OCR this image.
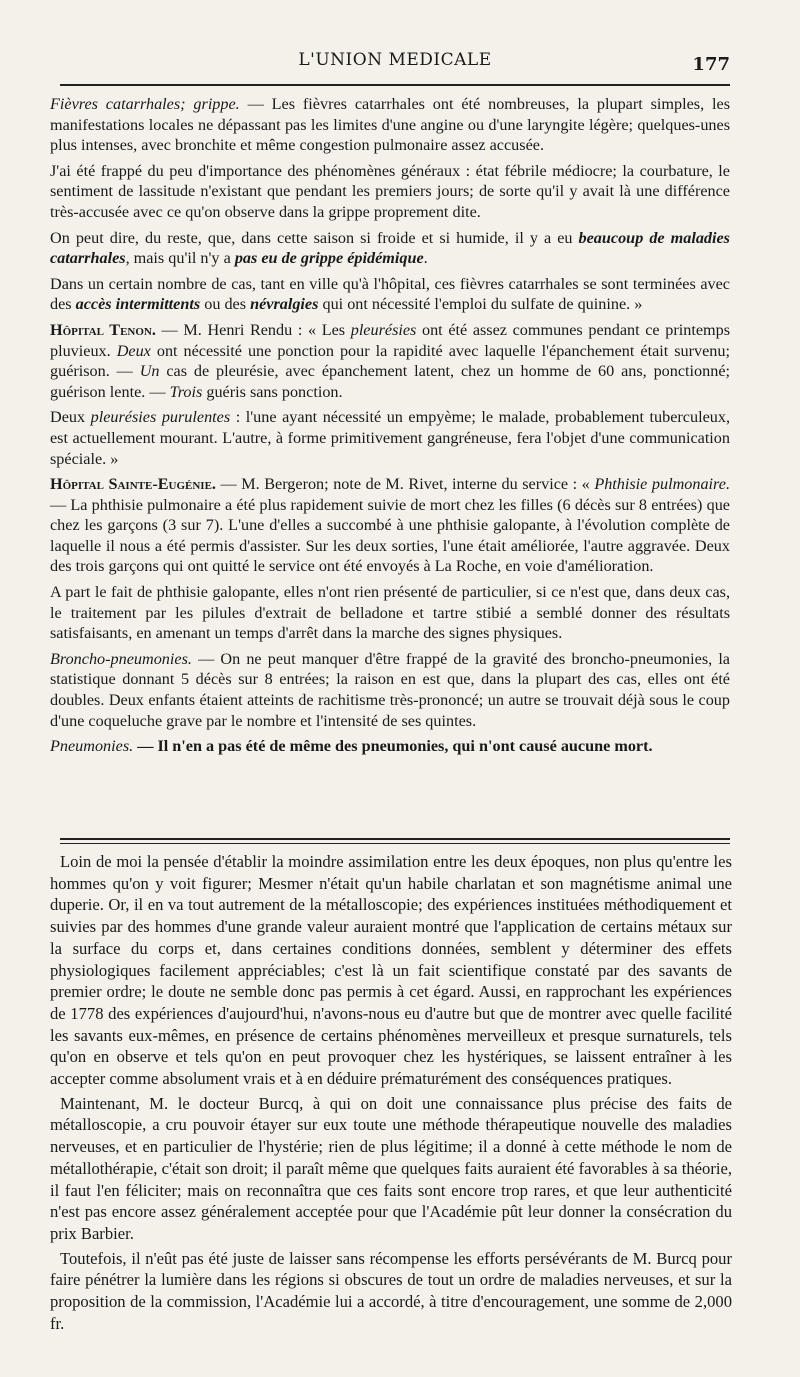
L'UNION MEDICALE	177

Fièvres catarrhales; grippe. — Les fièvres catarrhales ont été nombreuses, la plupart simples, les manifestations locales ne dépassant pas les limites d'une angine ou d'une laryngite légère; quelques-unes plus intenses, avec bronchite et même congestion pulmonaire assez accusée.

J'ai été frappé du peu d'importance des phénomènes généraux : état fébrile médiocre; la courbature, le sentiment de lassitude n'existant que pendant les premiers jours; de sorte qu'il y avait là une différence très-accusée avec ce qu'on observe dans la grippe proprement dite.

On peut dire, du reste, que, dans cette saison si froide et si humide, il y a eu beaucoup de maladies catarrhales, mais qu'il n'y a pas eu de grippe épidémique.

Dans un certain nombre de cas, tant en ville qu'à l'hôpital, ces fièvres catarrhales se sont terminées avec des accès intermittents ou des névralgies qui ont nécessité l'emploi du sulfate de quinine. »

Hôpital Tenon. — M. Henri Rendu : « Les pleurésies ont été assez communes pendant ce printemps pluvieux. Deux ont nécessité une ponction pour la rapidité avec laquelle l'épanchement était survenu; guérison. — Un cas de pleurésie, avec épanchement latent, chez un homme de 60 ans, ponctionné; guérison lente. — Trois guéris sans ponction.

Deux pleurésies purulentes : l'une ayant nécessité un empyème; le malade, probablement tuberculeux, est actuellement mourant. L'autre, à forme primitivement gangréneuse, fera l'objet d'une communication spéciale. »

Hôpital Sainte-Eugénie. — M. Bergeron; note de M. Rivet, interne du service : « Phthisie pulmonaire. — La phthisie pulmonaire a été plus rapidement suivie de mort chez les filles (6 décès sur 8 entrées) que chez les garçons (3 sur 7). L'une d'elles a succombé à une phthisie galopante, à l'évolution complète de laquelle il nous a été permis d'assister. Sur les deux sorties, l'une était améliorée, l'autre aggravée. Deux des trois garçons qui ont quitté le service ont été envoyés à La Roche, en voie d'amélioration.

A part le fait de phthisie galopante, elles n'ont rien présenté de particulier, si ce n'est que, dans deux cas, le traitement par les pilules d'extrait de belladone et tartre stibié a semblé donner des résultats satisfaisants, en amenant un temps d'arrêt dans la marche des signes physiques.

Broncho-pneumonies. — On ne peut manquer d'être frappé de la gravité des broncho-pneumonies, la statistique donnant 5 décès sur 8 entrées; la raison en est que, dans la plupart des cas, elles ont été doubles. Deux enfants étaient atteints de rachitisme très-prononcé; un autre se trouvait déjà sous le coup d'une coqueluche grave par le nombre et l'intensité de ses quintes.

Pneumonies. — Il n'en a pas été de même des pneumonies, qui n'ont causé aucune mort.

Loin de moi la pensée d'établir la moindre assimilation entre les deux époques, non plus qu'entre les hommes qu'on y voit figurer; Mesmer n'était qu'un habile charlatan et son magnétisme animal une duperie. Or, il en va tout autrement de la métalloscopie; des expériences instituées méthodiquement et suivies par des hommes d'une grande valeur auraient montré que l'application de certains métaux sur la surface du corps et, dans certaines conditions données, semblent y déterminer des effets physiologiques facilement appréciables; c'est là un fait scientifique constaté par des savants de premier ordre; le doute ne semble donc pas permis à cet égard. Aussi, en rapprochant les expériences de 1778 des expériences d'aujourd'hui, n'avons-nous eu d'autre but que de montrer avec quelle facilité les savants eux-mêmes, en présence de certains phénomènes merveilleux et presque surnaturels, tels qu'on en observe et tels qu'on en peut provoquer chez les hystériques, se laissent entraîner à les accepter comme absolument vrais et à en déduire prématurément des conséquences pratiques.

Maintenant, M. le docteur Burcq, à qui on doit une connaissance plus précise des faits de métalloscopie, a cru pouvoir étayer sur eux toute une méthode thérapeutique nouvelle des maladies nerveuses, et en particulier de l'hystérie; rien de plus légitime; il a donné à cette méthode le nom de métallothérapie, c'était son droit; il paraît même que quelques faits auraient été favorables à sa théorie, il faut l'en féliciter; mais on reconnaîtra que ces faits sont encore trop rares, et que leur authenticité n'est pas encore assez généralement acceptée pour que l'Académie pût leur donner la consécration du prix Barbier.

Toutefois, il n'eût pas été juste de laisser sans récompense les efforts persévérants de M. Burcq pour faire pénétrer la lumière dans les régions si obscures de tout un ordre de maladies nerveuses, et sur la proposition de la commission, l'Académie lui a accordé, à titre d'encouragement, une somme de 2,000 fr.
